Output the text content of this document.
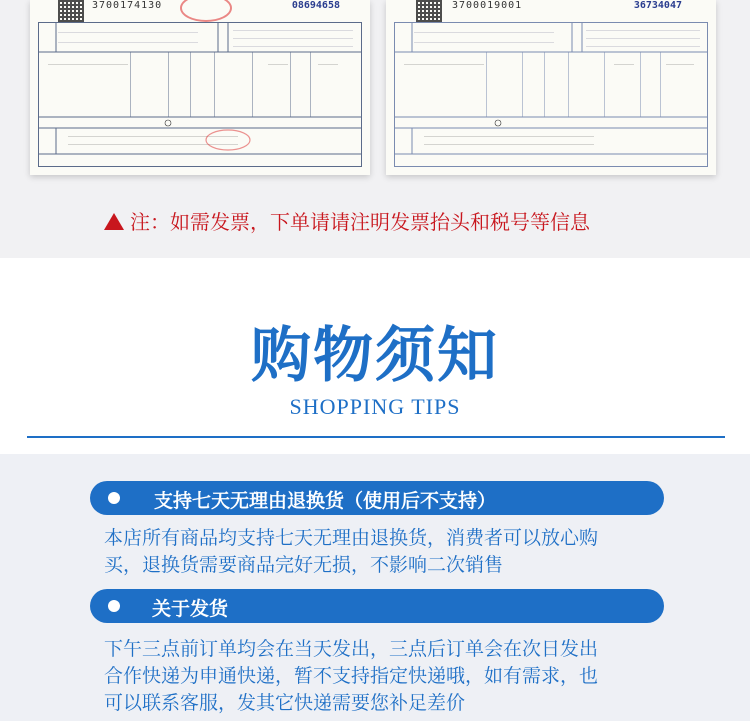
3700174130	08694658	3700019001	36734047
注：如需发票，下单请请注明发票抬头和税号等信息
购物须知
SHOPPING TIPS
支持七天无理由退换货（使用后不支持）
本店所有商品均支持七天无理由退换货，消费者可以放心购
买，退换货需要商品完好无损，不影响二次销售
关于发货
下午三点前订单均会在当天发出，三点后订单会在次日发出
合作快递为申通快递，暂不支持指定快递哦，如有需求，也
可以联系客服，发其它快递需要您补足差价
